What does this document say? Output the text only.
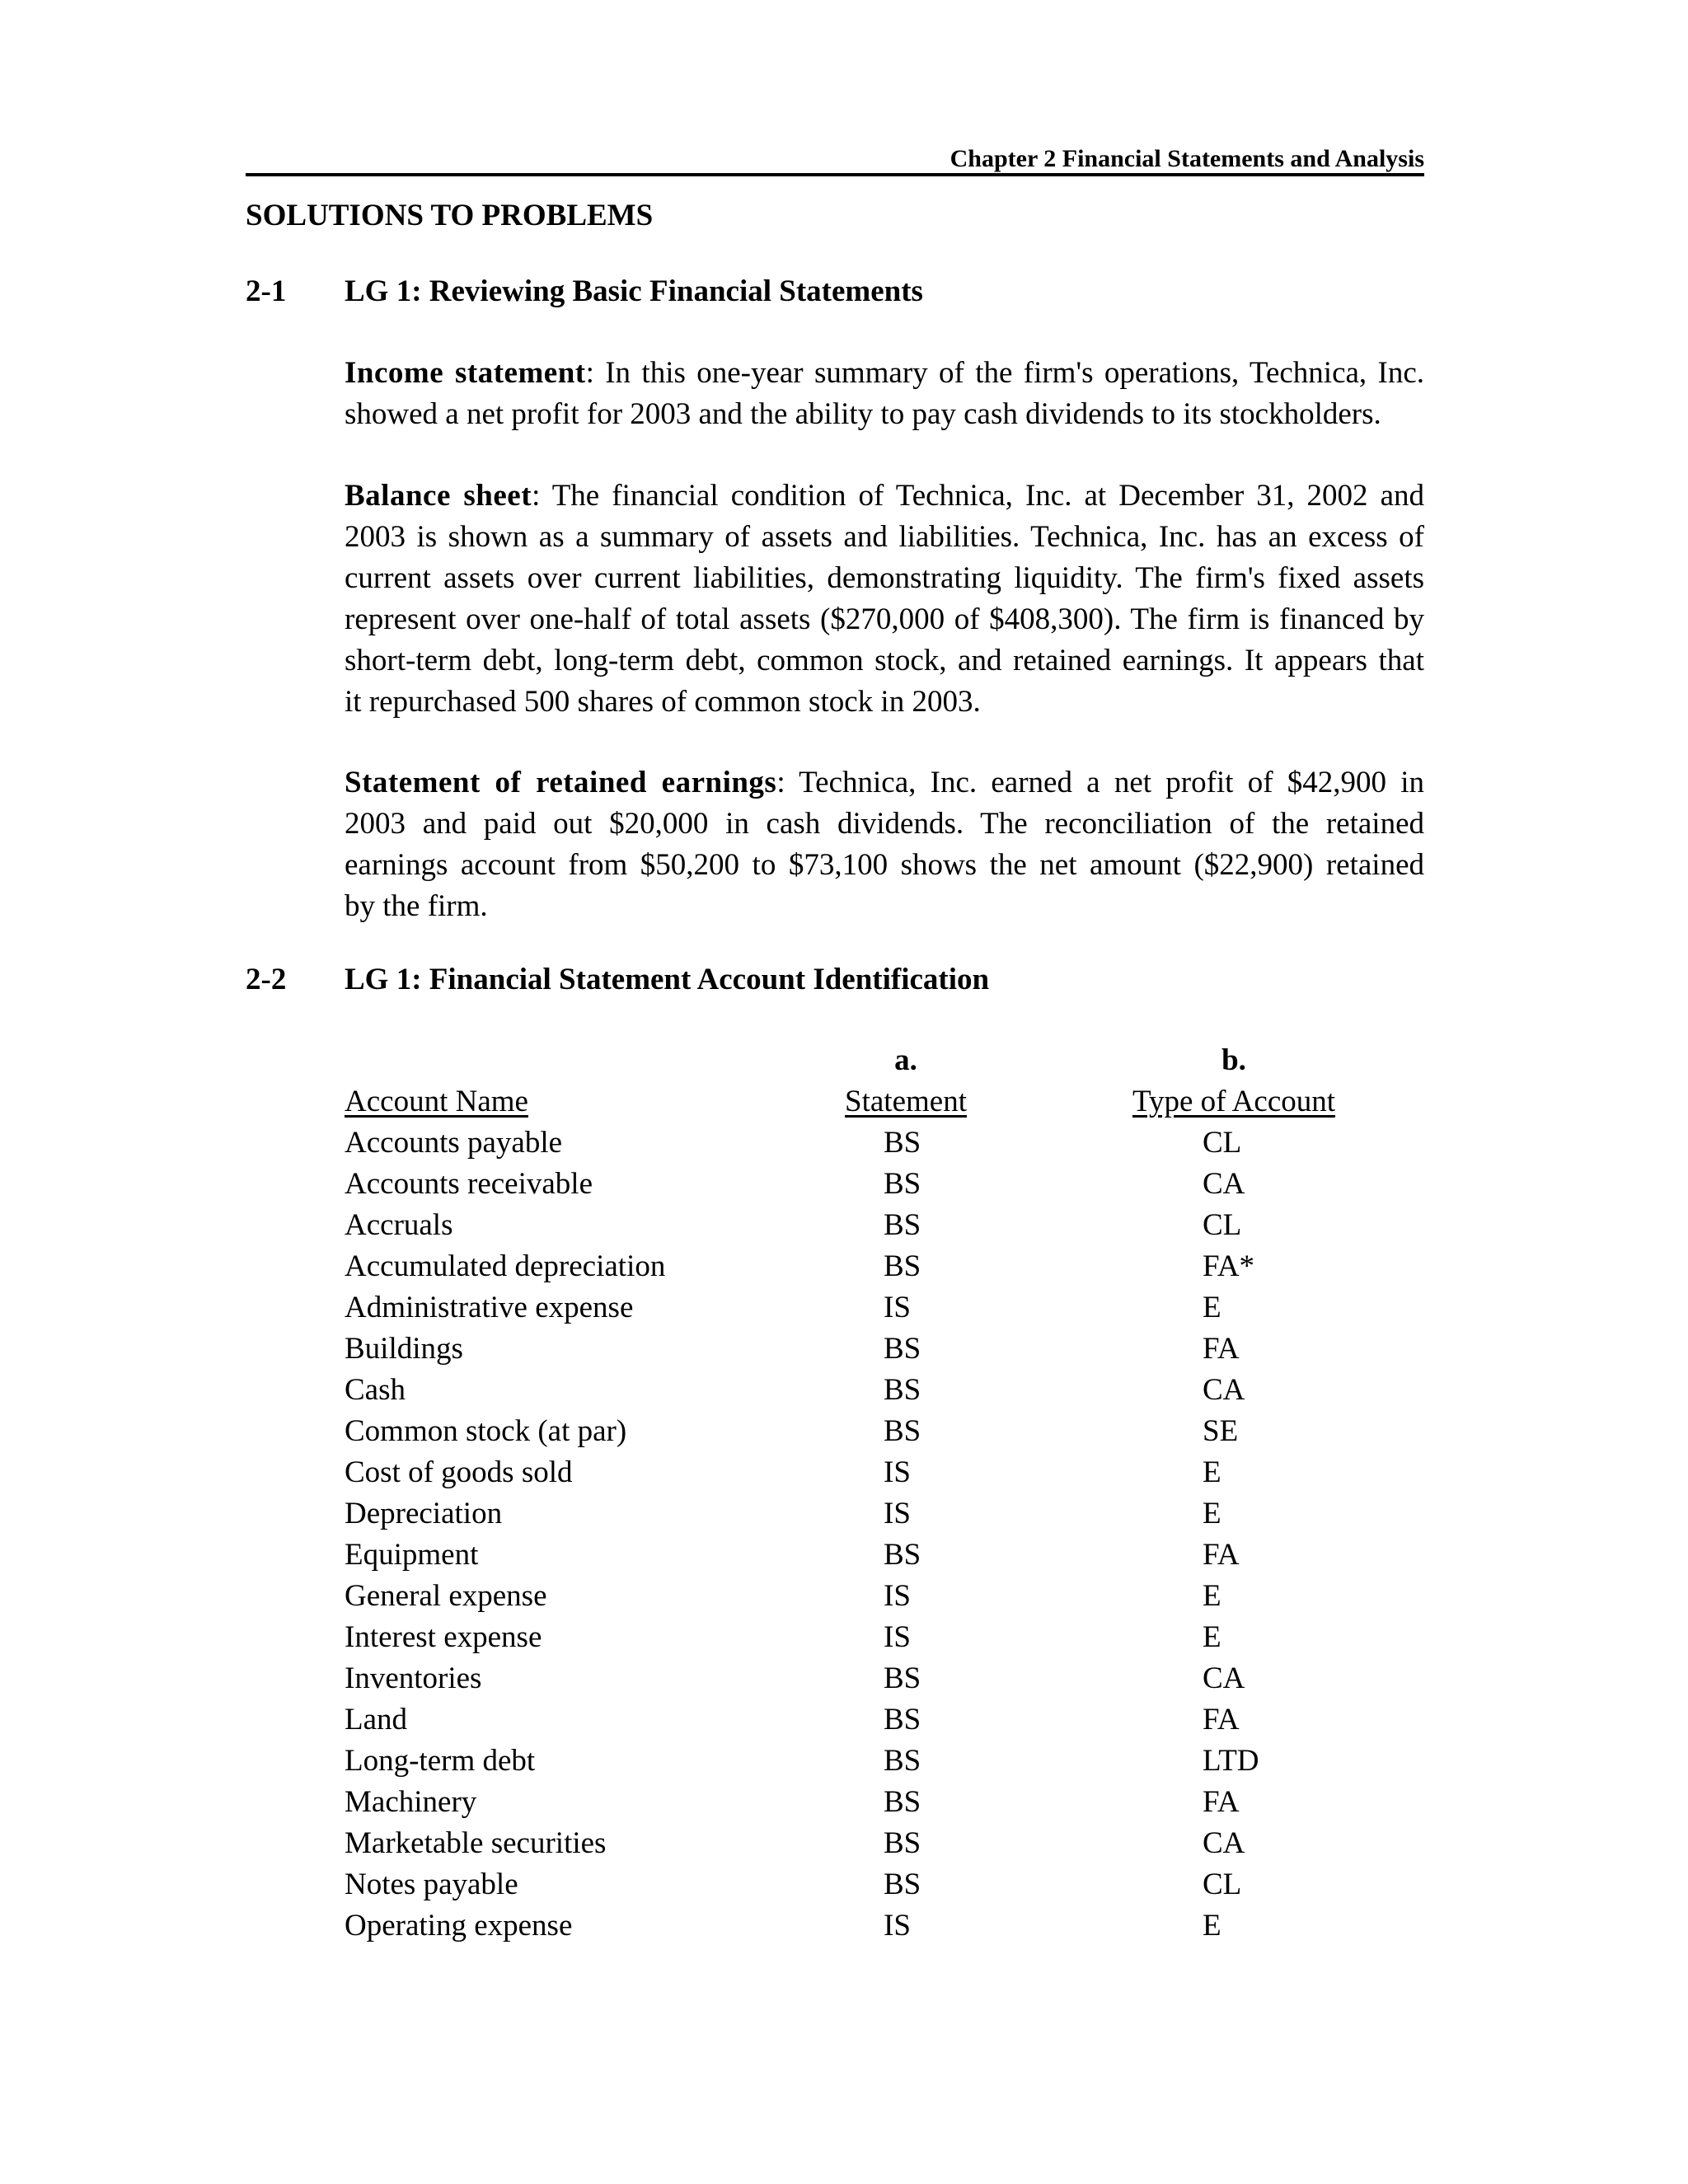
Chapter 2 Financial Statements and Analysis
SOLUTIONS TO PROBLEMS
2-1 LG 1: Reviewing Basic Financial Statements
Income statement: In this one-year summary of the firm's operations, Technica, Inc.
showed a net profit for 2003 and the ability to pay cash dividends to its stockholders.
Balance sheet: The financial condition of Technica, Inc. at December 31, 2002 and
2003 is shown as a summary of assets and liabilities. Technica, Inc. has an excess of
current assets over current liabilities, demonstrating liquidity. The firm's fixed assets
represent over one-half of total assets ($270,000 of $408,300). The firm is financed by
short-term debt, long-term debt, common stock, and retained earnings. It appears that
it repurchased 500 shares of common stock in 2003.
Statement of retained earnings: Technica, Inc. earned a net profit of $42,900 in
2003 and paid out $20,000 in cash dividends. The reconciliation of the retained
earnings account from $50,200 to $73,100 shows the net amount ($22,900) retained
by the firm.
2-2 LG 1: Financial Statement Account Identification
a.	b.
Account Name	Statement	Type of Account
Accounts payable	BS	CL
Accounts receivable	BS	CA
Accruals	BS	CL
Accumulated depreciation	BS	FA*
Administrative expense	IS	E
Buildings	BS	FA
Cash	BS	CA
Common stock (at par)	BS	SE
Cost of goods sold	IS	E
Depreciation	IS	E
Equipment	BS	FA
General expense	IS	E
Interest expense	IS	E
Inventories	BS	CA
Land	BS	FA
Long-term debt	BS	LTD
Machinery	BS	FA
Marketable securities	BS	CA
Notes payable	BS	CL
Operating expense	IS	E
